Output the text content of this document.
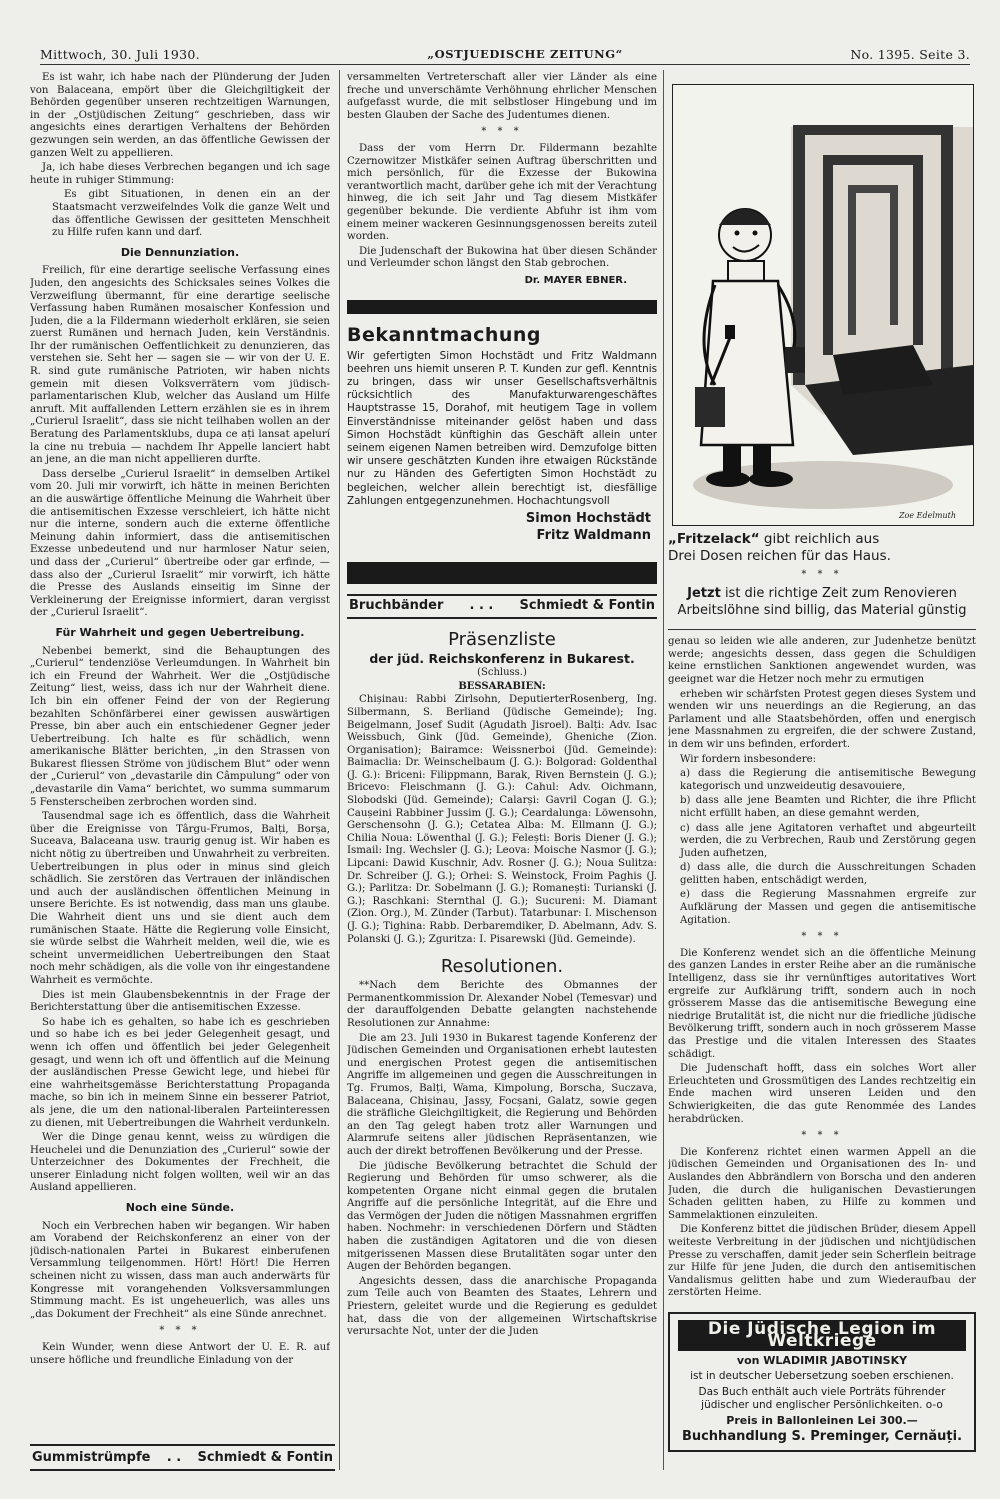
Mittwoch, 30. Juli 1930.	„OSTJUEDISCHE ZEITUNG“	No. 1395. Seite 3.

Es ist wahr, ich habe nach der Plünderung der Juden von Balaceana, empört über die Gleichgiltigkeit der Behörden gegenüber unseren rechtzeitigen Warnungen, in der „Ostjüdischen Zeitung“ geschrieben, dass wir angesichts eines derartigen Verhaltens der Behörden gezwungen sein werden, an das öffentliche Gewissen der ganzen Welt zu appellieren.

Ja, ich habe dieses Verbrechen begangen und ich sage heute in ruhiger Stimmung:

Es gibt Situationen, in denen ein an der Staatsmacht verzweifelndes Volk die ganze Welt und das öffentliche Gewissen der gesitteten Menschheit zu Hilfe rufen kann und darf.

Die Dennunziation.

Freilich, für eine derartige seelische Verfassung eines Juden, den angesichts des Schicksales seines Volkes die Verzweiflung übermannt, für eine derartige seelische Verfassung haben Rumänen mosaischer Konfession und Juden, die a la Fildermann wiederholt erklären, sie seien zuerst Rumänen und hernach Juden, kein Verständnis. Ihr der rumänischen Oeffentlichkeit zu denunzieren, das verstehen sie. Seht her — sagen sie — wir von der U. E. R. sind gute rumänische Patrioten, wir haben nichts gemein mit diesen Volksverrätern vom jüdisch-parlamentarischen Klub, welcher das Ausland um Hilfe anruft. Mit auffallenden Lettern erzählen sie es in ihrem „Curierul Israelit“, dass sie nicht teilhaben wollen an der Beratung des Parlamentsklubs, dupa ce ați lansat apelurí la cine nu trebuia — nachdem Ihr Appelle lanciert habt an jene, an die man nicht appellieren durfte.

Dass derselbe „Curierul Israelit“ in demselben Artikel vom 20. Juli mir vorwirft, ich hätte in meinen Berichten an die auswärtige öffentliche Meinung die Wahrheit über die antisemitischen Exzesse verschleiert, ich hätte nicht nur die interne, sondern auch die externe öffentliche Meinung dahin informiert, dass die antisemitischen Exzesse unbedeutend und nur harmloser Natur seien, und dass der „Curierul“ übertreibe oder gar erfinde, — dass also der „Curierul Israelit“ mir vorwirft, ich hätte die Presse des Auslands einseitig im Sinne der Verkleinerung der Ereignisse informiert, daran vergisst der „Curierul Israelit“.

Für Wahrheit und gegen Uebertreibung.

Nebenbei bemerkt, sind die Behauptungen des „Curierul“ tendenziöse Verleumdungen. In Wahrheit bin ich ein Freund der Wahrheit. Wer die „Ostjüdische Zeitung“ liest, weiss, dass ich nur der Wahrheit diene. Ich bin ein offener Feind der von der Regierung bezahlten Schönfärberei einer gewissen auswärtigen Presse, bin aber auch ein entschiedener Gegner jeder Uebertreibung. Ich halte es für schädlich, wenn amerikanische Blätter berichten, „in den Strassen von Bukarest fliessen Ströme von jüdischem Blut“ oder wenn der „Curierul“ von „devastarile din Câmpulung“ oder von „devastarile din Vama“ berichtet, wo summa summarum 5 Fensterscheiben zerbrochen worden sind.

Tausendmal sage ich es öffentlich, dass die Wahrheit über die Ereignisse von Târgu-Frumos, Balți, Borșa, Suceava, Balaceana usw. traurig genug ist. Wir haben es nicht nötig zu übertreiben und Unwahrheit zu verbreiten. Uebertreibungen in plus oder in minus sind gleich schädlich. Sie zerstören das Vertrauen der inländischen und auch der ausländischen öffentlichen Meinung in unsere Berichte. Es ist notwendig, dass man uns glaube. Die Wahrheit dient uns und sie dient auch dem rumänischen Staate. Hätte die Regierung volle Einsicht, sie würde selbst die Wahrheit melden, weil die, wie es scheint unvermeidlichen Uebertreibungen den Staat noch mehr schädigen, als die volle von ihr eingestandene Wahrheit es vermöchte.

Dies ist mein Glaubensbekenntnis in der Frage der Berichterstattung über die antisemitischen Exzesse.

So habe ich es gehalten, so habe ich es geschrieben und so habe ich es bei jeder Gelegenheit gesagt, und wenn ich offen und öffentlich bei jeder Gelegenheit gesagt, und wenn ich oft und öffentlich auf die Meinung der ausländischen Presse Gewicht lege, und hiebei für eine wahrheitsgemässe Berichterstattung Propaganda mache, so bin ich in meinem Sinne ein besserer Patriot, als jene, die um den national-liberalen Parteiinteressen zu dienen, mit Uebertreibungen die Wahrheit verdunkeln.

Wer die Dinge genau kennt, weiss zu würdigen die Heuchelei und die Denunziation des „Curierul“ sowie der Unterzeichner des Dokumentes der Frechheit, die unserer Einladung nicht folgen wollten, weil wir an das Ausland appellieren.

Noch eine Sünde.

Noch ein Verbrechen haben wir begangen. Wir haben am Vorabend der Reichskonferenz an einer von der jüdisch-nationalen Partei in Bukarest einberufenen Versammlung teilgenommen. Hört! Hört! Die Herren scheinen nicht zu wissen, dass man auch anderwärts für Kongresse mit vorangehenden Volksversammlungen Stimmung macht. Es ist ungeheuerlich, was alles uns „das Dokument der Frechheit“ als eine Sünde anrechnet.

* * *

Kein Wunder, wenn diese Antwort der U. E. R. auf unsere höfliche und freundliche Einladung von der

Gummistrümpfe . . Schmiedt & Fontin

versammelten Vertreterschaft aller vier Länder als eine freche und unverschämte Verhöhnung ehrlicher Menschen aufgefasst wurde, die mit selbstloser Hingebung und im besten Glauben der Sache des Judentumes dienen.

* * *

Dass der vom Herrn Dr. Fildermann bezahlte Czernowitzer Mistkäfer seinen Auftrag überschritten und mich persönlich, für die Exzesse der Bukowina verantwortlich macht, darüber gehe ich mit der Verachtung hinweg, die ich seit Jahr und Tag diesem Mistkäfer gegenüber bekunde. Die verdiente Abfuhr ist ihm vom einem meiner wackeren Gesinnungsgenossen bereits zuteil worden.

Die Judenschaft der Bukowina hat über diesen Schänder und Verleumder schon längst den Stab gebrochen.

Dr. MAYER EBNER.
Bekanntmachung
Wir gefertigten Simon Hochstädt und Fritz Waldmann beehren uns hiemit unseren P. T. Kunden zur gefl. Kenntnis zu bringen, dass wir unser Gesellschaftsverhältnis rücksichtlich des Manufakturwarengeschäftes Hauptstrasse 15, Dorahof, mit heutigem Tage in vollem Einverständnisse miteinander gelöst haben und dass Simon Hochstädt künftighin das Geschäft allein unter seinem eigenen Namen betreiben wird. Demzufolge bitten wir unsere geschätzten Kunden ihre etwaigen Rückstände nur zu Händen des Gefertigten Simon Hochstädt zu begleichen, welcher allein berechtigt ist, diesfällige Zahlungen entgegenzunehmen. Hochachtungsvoll
Simon Hochstädt
Fritz Waldmann
Bruchbänder . . . Schmiedt & Fontin
Präsenzliste
der jüd. Reichskonferenz in Bukarest.
(Schluss.)
BESSARABIEN:

Chișinau: Rabbi Zirlsohn, DeputierterRosenberg, Ing. Silbermann, S. Berliand (Jüdische Gemeinde); Ing. Beigelmann, Josef Sudit (Agudath Jisroel). Balți: Adv. Isac Weissbuch, Gink (Jüd. Gemeinde), Gheniche (Zion. Organisation); Bairamce: Weissnerboi (Jüd. Gemeinde): Baimaclia: Dr. Weinschelbaum (J. G.): Bolgorad: Goldenthal (J. G.): Briceni: Filippmann, Barak, Riven Bernstein (J. G.); Bricevo: Fleischmann (J. G.): Cahul: Adv. Oichmann, Slobodski (Jüd. Gemeinde); Calarși: Gavril Cogan (J. G.); Caușeini Rabbiner Jussim (J. G.); Ceardalunga: Löwensohn, Gerschensohn (J. G.); Cetatea Alba: M. Ellmann (J. G.); Chilia Noua: Löwenthal (J. G.); Felești: Boris Diener (J. G.); Ismail: Ing. Wechsler (J. G.); Leova: Moische Nasmor (J. G.); Lipcani: Dawid Kuschnir, Adv. Rosner (J. G.); Noua Sulitza: Dr. Schreiber (J. G.); Orhei: S. Weinstock, Froim Paghis (J. G.); Parlitza: Dr. Sobelmann (J. G.); Romanești: Turianski (J. G.); Raschkani: Sternthal (J. G.); Sucureni: M. Diamant (Zion. Org.), M. Zünder (Tarbut). Tatarbunar: I. Mischenson (J. G.); Tighina: Rabb. Derbaremdiker, D. Abelmann, Adv. S. Polanski (J. G.); Zguritza: I. Pisarewski (Jüd. Gemeinde).

Resolutionen.

**Nach dem Berichte des Obmannes der Permanentkommission Dr. Alexander Nobel (Temesvar) und der darauffolgenden Debatte gelangten nachstehende Resolutionen zur Annahme:

Die am 23. Juli 1930 in Bukarest tagende Konferenz der Jüdischen Gemeinden und Organisationen erhebt lautesten und energischen Protest gegen die antisemitischen Angriffe im allgemeinen und gegen die Ausschreitungen in Tg. Frumos, Balți, Wama, Kimpolung, Borscha, Suczava, Balaceana, Chișinau, Jassy, Focșani, Galatz, sowie gegen die sträfliche Gleichgiltigkeit, die Regierung und Behörden an den Tag gelegt haben trotz aller Warnungen und Alarmrufe seitens aller jüdischen Repräsentanzen, wie auch der direkt betroffenen Bevölkerung und der Presse.

Die jüdische Bevölkerung betrachtet die Schuld der Regierung und Behörden für umso schwerer, als die kompetenten Organe nicht einmal gegen die brutalen Angriffe auf die persönliche Integrität, auf die Ehre und das Vermögen der Juden die nötigen Massnahmen ergriffen haben. Nochmehr: in verschiedenen Dörfern und Städten haben die zuständigen Agitatoren und die von diesen mitgerissenen Massen diese Brutalitäten sogar unter den Augen der Behörden begangen.

Angesichts dessen, dass die anarchische Propaganda zum Teile auch von Beamten des Staates, Lehrern und Priestern, geleitet wurde und die Regierung es geduldet hat, dass die von der allgemeinen Wirtschaftskrise verursachte Not, unter der die Juden

Zoe Edelmuth
„Fritzelack“ gibt reichlich aus
Drei Dosen reichen für das Haus.
* * *
Jetzt ist die richtige Zeit zum Renovieren
Arbeitslöhne sind billig, das Material günstig

genau so leiden wie alle anderen, zur Judenhetze benützt werde; angesichts dessen, dass gegen die Schuldigen keine ernstlichen Sanktionen angewendet wurden, was geeignet war die Hetzer noch mehr zu ermutigen

erheben wir schärfsten Protest gegen dieses System und wenden wir uns neuerdings an die Regierung, an das Parlament und alle Staatsbehörden, offen und energisch jene Massnahmen zu ergreifen, die der schwere Zustand, in dem wir uns befinden, erfordert.

Wir fordern insbesondere:

a) dass die Regierung die antisemitische Bewegung kategorisch und unzweideutig desavouiere,

b) dass alle jene Beamten und Richter, die ihre Pflicht nicht erfüllt haben, an diese gemahnt werden,

c) dass alle jene Agitatoren verhaftet und abgeurteilt werden, die zu Verbrechen, Raub und Zerstörung gegen Juden aufhetzen,

d) dass alle, die durch die Ausschreitungen Schaden gelitten haben, entschädigt werden,

e) dass die Regierung Massnahmen ergreife zur Aufklärung der Massen und gegen die antisemitische Agitation.

* * *

Die Konferenz wendet sich an die öffentliche Meinung des ganzen Landes in erster Reihe aber an die rumänische Intelligenz, dass sie ihr vernünftiges autoritatives Wort ergreife zur Aufklärung trifft, sondern auch in noch grösserem Masse das die antisemitische Bewegung eine niedrige Brutalität ist, die nicht nur die friedliche jüdische Bevölkerung trifft, sondern auch in noch grösserem Masse das Prestige und die vitalen Interessen des Staates schädigt.

Die Judenschaft hofft, dass ein solches Wort aller Erleuchteten und Grossmütigen des Landes rechtzeitig ein Ende machen wird unseren Leiden und den Schwierigkeiten, die das gute Renommée des Landes herabdrücken.

* * *

Die Konferenz richtet einen warmen Appell an die jüdischen Gemeinden und Organisationen des In- und Auslandes den Abbrändlern von Borscha und den anderen Juden, die durch die huliganischen Devastierungen Schaden gelitten haben, zu Hilfe zu kommen und Sammelaktionen einzuleiten.

Die Konferenz bittet die jüdischen Brüder, diesem Appell weiteste Verbreitung in der jüdischen und nichtjüdischen Presse zu verschaffen, damit jeder sein Scherflein beitrage zur Hilfe für jene Juden, die durch den antisemitischen Vandalismus gelitten habe und zum Wiederaufbau der zerstörten Heime.

Die Jüdische Legion im Weltkriege
von WLADIMIR JABOTINSKY
ist in deutscher Uebersetzung soeben erschienen.
Das Buch enthält auch viele Porträts führender jüdischer und englischer Persönlichkeiten. o-o
Preis in Ballonleinen Lei 300.—
Buchhandlung S. Preminger, Cernăuți.
